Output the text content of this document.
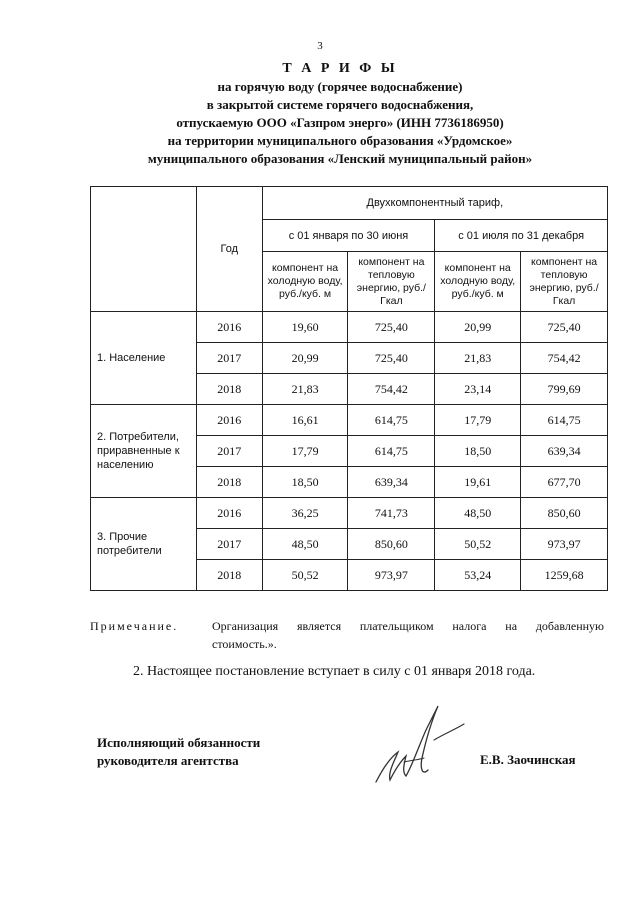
3
Т А Р И Ф Ы
на горячую воду (горячее водоснабжение)
в закрытой системе горячего водоснабжения,
отпускаемую ООО «Газпром энерго» (ИНН 7736186950)
на территории муниципального образования «Урдомское»
муниципального образования «Ленский муниципальный район»
	Год	Двухкомпонентный тариф,			
		с 01 января по 30 июня		с 01 июля по 31 декабря	
		компонент на холодную воду, руб./куб. м	компонент на тепловую энергию, руб./Гкал	компонент на холодную воду, руб./куб. м	компонент на тепловую энергию, руб./Гкал
1. Население	2016	19,60	725,40	20,99	725,40
	2017	20,99	725,40	21,83	754,42
	2018	21,83	754,42	23,14	799,69
2. Потребители, приравненные к населению	2016	16,61	614,75	17,79	614,75
	2017	17,79	614,75	18,50	639,34
	2018	18,50	639,34	19,61	677,70
3. Прочие потребители	2016	36,25	741,73	48,50	850,60
	2017	48,50	850,60	50,52	973,97
	2018	50,52	973,97	53,24	1259,68
Примечание.	Организация является плательщиком налога на добавленную
стоимость.».
2. Настоящее постановление вступает в силу с 01 января 2018 года.
Исполняющий обязанности
руководителя агентства	Е.В. Заочинская
